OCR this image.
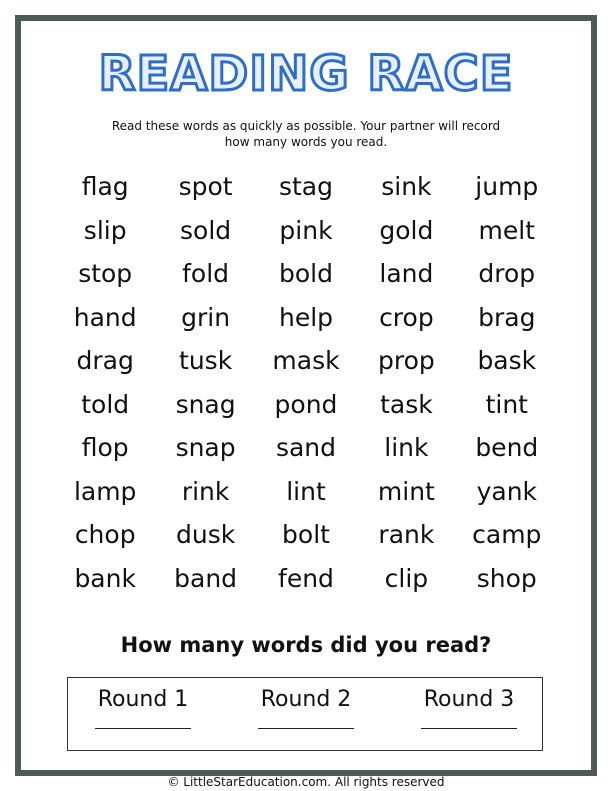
READING RACE
Read these words as quickly as possible. Your partner will record
how many words you read.
flag	spot	stag	sink	jump
slip	sold	pink	gold	melt
stop	fold	bold	land	drop
hand	grin	help	crop	brag
drag	tusk	mask	prop	bask
told	snag	pond	task	tint
flop	snap	sand	link	bend
lamp	rink	lint	mint	yank
chop	dusk	bolt	rank	camp
bank	band	fend	clip	shop
How many words did you read?
Round 1	Round 2	Round 3
© LittleStarEducation.com. All rights reserved
